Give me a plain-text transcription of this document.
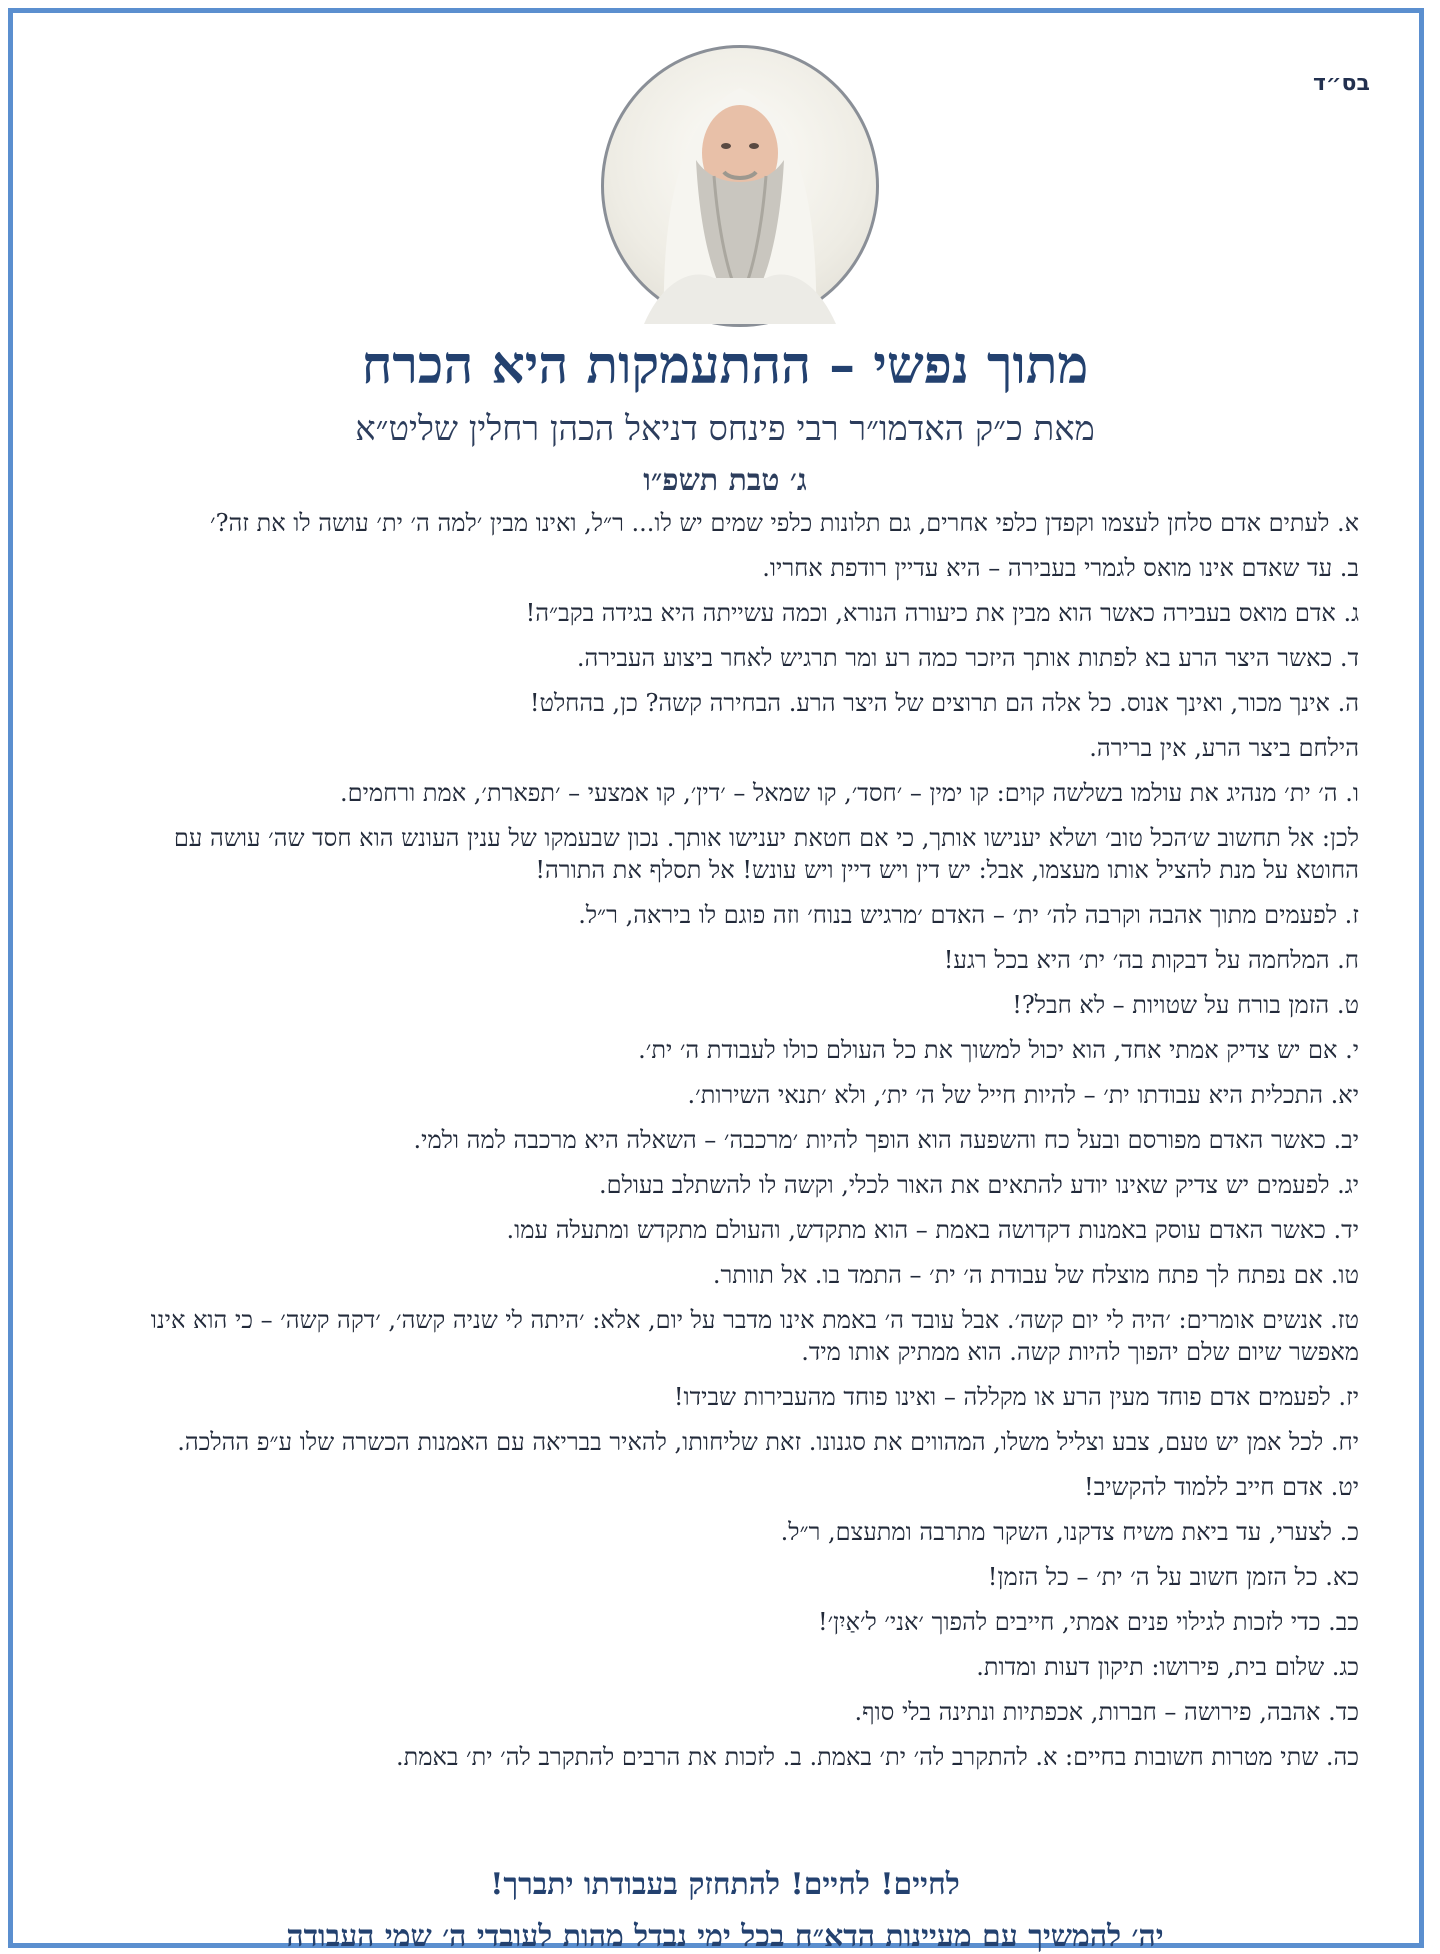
בס״ד
מתוך נפשי – ההתעמקות היא הכרח
מאת כ״ק האדמו״ר רבי פינחס דניאל הכהן רחלין שליט״א
ג׳ טבת תשפ״ו

א. לעתים אדם סלחן לעצמו וקפדן כלפי אחרים, גם תלונות כלפי שמים יש לו... ר״ל, ואינו מבין ׳למה ה׳ ית׳ עושה לו את זה?׳

ב. עד שאדם אינו מואס לגמרי בעבירה – היא עדיין רודפת אחריו.

ג. אדם מואס בעבירה כאשר הוא מבין את כיעורה הנורא, וכמה עשייתה היא בגידה בקב״ה!

ד. כאשר היצר הרע בא לפתות אותך היזכר כמה רע ומר תרגיש לאחר ביצוע העבירה.

ה. אינך מכור, ואינך אנוס. כל אלה הם תרוצים של היצר הרע. הבחירה קשה? כן, בהחלט!

הילחם ביצר הרע, אין ברירה.

ו. ה׳ ית׳ מנהיג את עולמו בשלשה קוים: קו ימין – ׳חסד׳, קו שמאל – ׳דין׳, קו אמצעי – ׳תפארת׳, אמת ורחמים.

לכן: אל תחשוב ש׳הכל טוב׳ ושלא יענישו אותך, כי אם חטאת יענישו אותך. נכון שבעמקו של ענין העונש הוא חסד שה׳ עושה עם החוטא על מנת להציל אותו מעצמו, אבל: יש דין ויש דיין ויש עונש! אל תסלף את התורה!

ז. לפעמים מתוך אהבה וקרבה לה׳ ית׳ – האדם ׳מרגיש בנוח׳ וזה פוגם לו ביראה, ר״ל.

ח. המלחמה על דבקות בה׳ ית׳ היא בכל רגע!

ט. הזמן בורח על שטויות – לא חבל?!

י. אם יש צדיק אמתי אחד, הוא יכול למשוך את כל העולם כולו לעבודת ה׳ ית׳.

יא. התכלית היא עבודתו ית׳ – להיות חייל של ה׳ ית׳, ולא ׳תנאי השירות׳.

יב. כאשר האדם מפורסם ובעל כח והשפעה הוא הופך להיות ׳מרכבה׳ – השאלה היא מרכבה למה ולמי.

יג. לפעמים יש צדיק שאינו יודע להתאים את האור לכלי, וקשה לו להשתלב בעולם.

יד. כאשר האדם עוסק באמנות דקדושה באמת – הוא מתקדש, והעולם מתקדש ומתעלה עמו.

טו. אם נפתח לך פתח מוצלח של עבודת ה׳ ית׳ – התמד בו. אל תוותר.

טז. אנשים אומרים: ׳היה לי יום קשה׳. אבל עובד ה׳ באמת אינו מדבר על יום, אלא: ׳היתה לי שניה קשה׳, ׳דקה קשה׳ – כי הוא אינו מאפשר שיום שלם יהפוך להיות קשה. הוא ממתיק אותו מיד.

יז. לפעמים אדם פוחד מעין הרע או מקללה – ואינו פוחד מהעבירות שבידו!

יח. לכל אמן יש טעם, צבע וצליל משלו, המהווים את סגנונו. זאת שליחותו, להאיר בבריאה עם האמנות הכשרה שלו ע״פ ההלכה.

יט. אדם חייב ללמוד להקשיב!

כ. לצערי, עד ביאת משיח צדקנו, השקר מתרבה ומתעצם, ר״ל.

כא. כל הזמן חשוב על ה׳ ית׳ – כל הזמן!

כב. כדי לזכות לגילוי פנים אמתי, חייבים להפוך ׳אני׳ ל׳אַיִן׳!

כג. שלום בית, פירושו: תיקון דעות ומדות.

כד. אהבה, פירושה – חברות, אכפתיות ונתינה בלי סוף.

כה. שתי מטרות חשובות בחיים: א. להתקרב לה׳ ית׳ באמת. ב. לזכות את הרבים להתקרב לה׳ ית׳ באמת.

לחיים! לחיים! להתחזק בעבודתו יתברך!
יה׳ להמשיך עם מעיינות הדא״ח בכל ימי נבדל מהות לעובדי ה׳ שמי העבודה
